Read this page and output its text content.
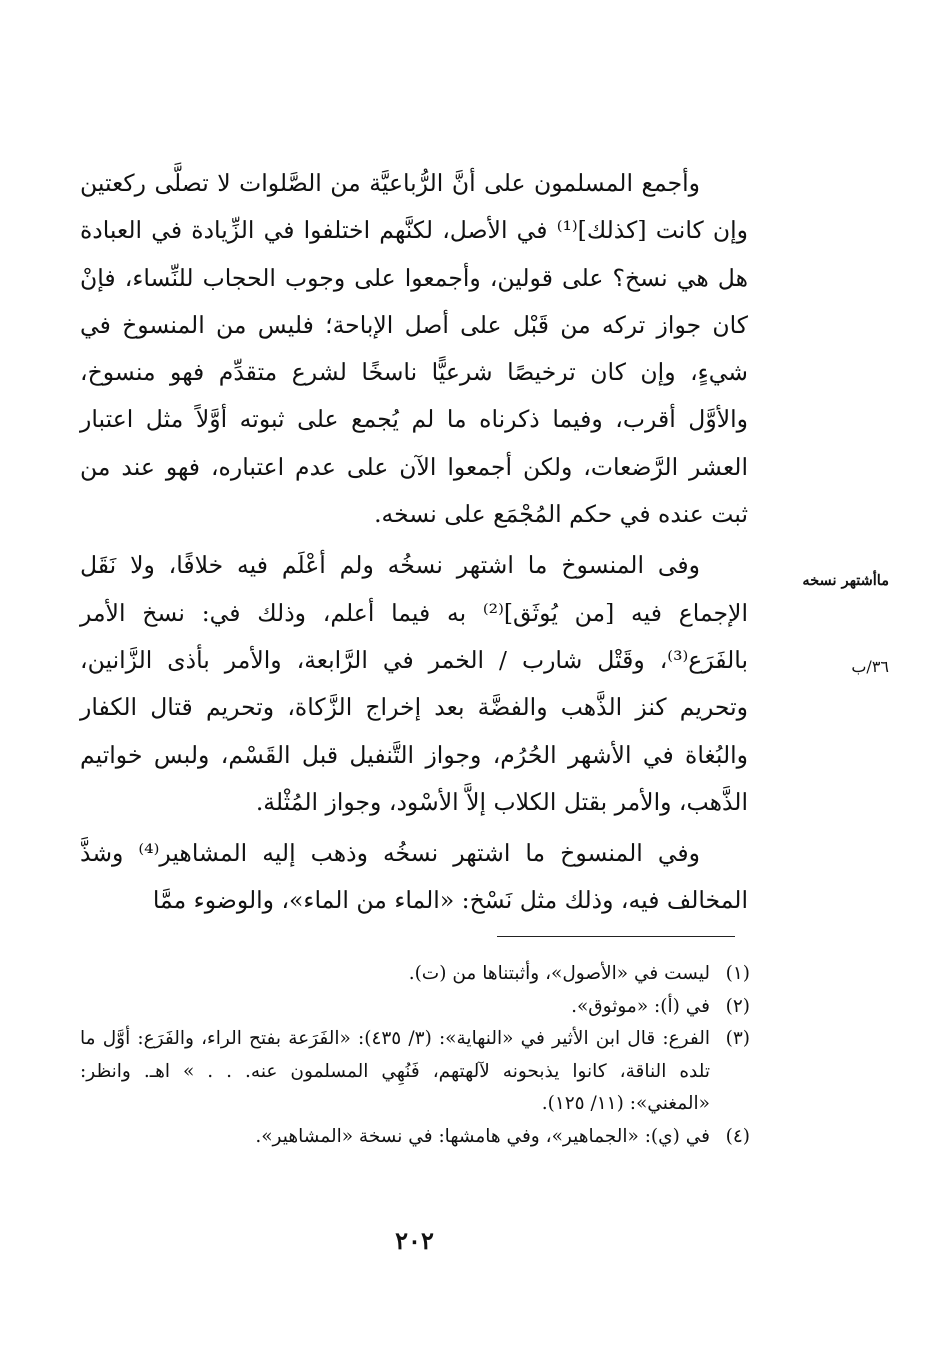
وأجمع المسلمون على أنَّ الرُّباعيَّة من الصَّلوات لا تصلَّى ركعتين وإن كانت [كذلك]⁽¹⁾ في الأصل، لكنَّهم اختلفوا في الزِّيادة في العبادة هل هي نسخ؟ على قولين، وأجمعوا على وجوب الحجاب للنِّساء، فإنْ كان جواز تركه من قَبْل على أصل الإباحة؛ فليس من المنسوخ في شيءٍ، وإن كان ترخيصًا شرعيًّا ناسخًا لشرع متقدِّم فهو منسوخ، والأوَّل أقرب، وفيما ذكرناه ما لم يُجمع على ثبوته أوَّلاً مثل اعتبار العشر الرَّضعات، ولكن أجمعوا الآن على عدم اعتباره، فهو عند من ثبت عنده في حكم المُجْمَع على نسخه.

وفى المنسوخ ما اشتهر نسخُه ولم أعْلَم فيه خلافًا، ولا نَقَل الإجماع فيه [من يُوثَق]⁽²⁾ به فيما أعلم، وذلك في: نسخ الأمر بالفَرَع⁽³⁾، وقَتْل شارب / الخمر في الرَّابعة، والأمر بأذى الزَّانين، وتحريم كنز الذَّهب والفضَّة بعد إخراج الزَّكاة، وتحريم قتال الكفار والبُغاة في الأشهر الحُرُم، وجواز التَّنفيل قبل القَسْم، ولبس خواتيم الذَّهب، والأمر بقتل الكلاب إلاَّ الأسْود، وجواز المُثْلة.

وفي المنسوخ ما اشتهر نسخُه وذهب إليه المشاهير⁽⁴⁾ وشذَّ المخالف فيه، وذلك مثل نَسْخ: «الماء من الماء»، والوضوء ممَّا

ماأشتهر نسخه
٣٦/ب
(١)
ليست في «الأصول»، وأثبتناها من (ت).
(٢)
في (أ): «موثوق».
(٣)
الفرع: قال ابن الأثير في «النهاية»: (٣/ ٤٣٥): «الفَرَعة بفتح الراء، والفَرَع: أوَّل ما تلده الناقة، كانوا يذبحونه لآلهتهم، فَنُهِي المسلمون عنه. . . » اهـ. وانظر: «المغني»: (١١/ ١٢٥).
(٤)
في (ي): «الجماهير»، وفي هامشها: في نسخة «المشاهير».
٢٠٢
